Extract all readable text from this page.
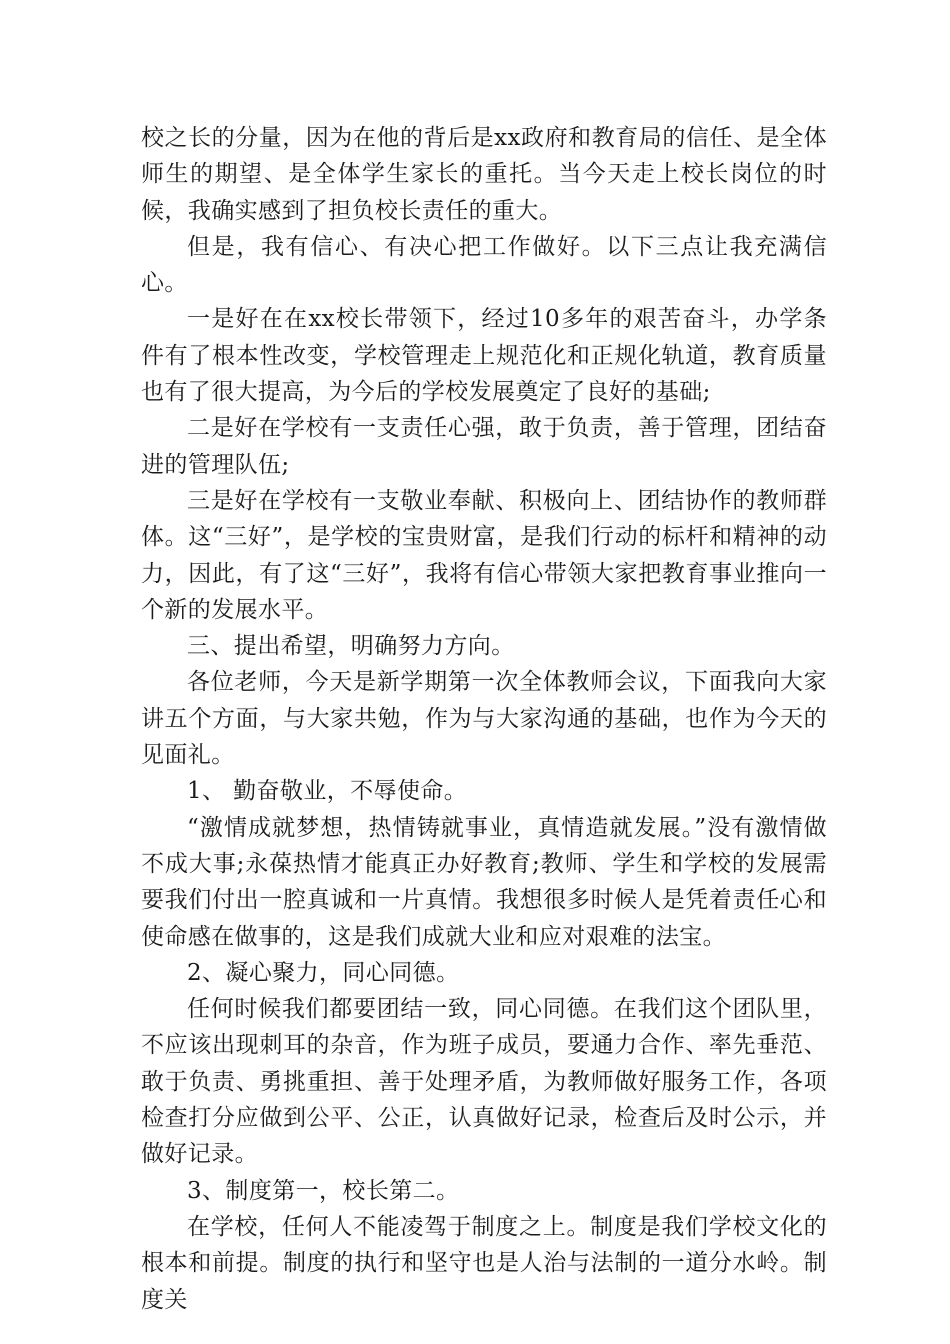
校之长的分量，因为在他的背后是xx政府和教育局的信任、是全体师生的期望、是全体学生家长的重托。当今天走上校长岗位的时候，我确实感到了担负校长责任的重大。

但是，我有信心、有决心把工作做好。以下三点让我充满信心。

一是好在在xx校长带领下，经过10多年的艰苦奋斗，办学条件有了根本性改变，学校管理走上规范化和正规化轨道，教育质量也有了很大提高，为今后的学校发展奠定了良好的基础;

二是好在学校有一支责任心强，敢于负责，善于管理，团结奋进的管理队伍;

三是好在学校有一支敬业奉献、积极向上、团结协作的教师群体。这“三好”，是学校的宝贵财富，是我们行动的标杆和精神的动力，因此，有了这“三好”，我将有信心带领大家把教育事业推向一个新的发展水平。

三、提出希望，明确努力方向。

各位老师，今天是新学期第一次全体教师会议，下面我向大家讲五个方面，与大家共勉，作为与大家沟通的基础，也作为今天的见面礼。

1、 勤奋敬业，不辱使命。

“激情成就梦想，热情铸就事业，真情造就发展。”没有激情做不成大事;永葆热情才能真正办好教育;教师、学生和学校的发展需要我们付出一腔真诚和一片真情。我想很多时候人是凭着责任心和使命感在做事的，这是我们成就大业和应对艰难的法宝。

2、凝心聚力，同心同德。

任何时候我们都要团结一致，同心同德。在我们这个团队里，不应该出现刺耳的杂音，作为班子成员，要通力合作、率先垂范、敢于负责、勇挑重担、善于处理矛盾，为教师做好服务工作，各项检查打分应做到公平、公正，认真做好记录，检查后及时公示，并做好记录。

3、制度第一，校长第二。

在学校，任何人不能凌驾于制度之上。制度是我们学校文化的根本和前提。制度的执行和坚守也是人治与法制的一道分水岭。制度关
